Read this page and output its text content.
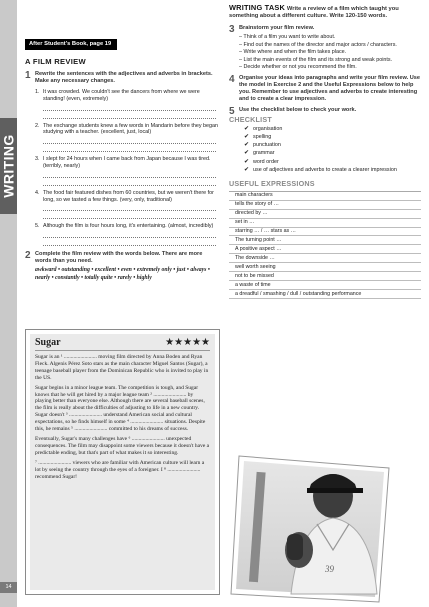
WRITING
14
After Student's Book, page 19
A FILM REVIEW
1 Rewrite the sentences with the adjectives and adverbs in brackets. Make any necessary changes.
1. It was crowded. We couldn't see the dancers from where we were standing! (even, extremely)
2. The exchange students knew a few words in Mandarin before they began studying with a teacher. (excellent, just, local)
3. I slept for 24 hours when I came back from Japan because I was tired. (terribly, nearly)
4. The food fair featured dishes from 60 countries, but we weren't there for long, so we tasted a few things. (very, only, traditional)
5. Although the film is four hours long, it's entertaining. (almost, incredibly)
2 Complete the film review with the words below. There are more words than you need.
awkward • outstanding • excellent • even • extremely only • just • always • nearly • constantly • totally quite • rarely • highly
Sugar	★★★★★
Sugar is an ¹ ........................ moving film directed by Anna Boden and Ryan Fleck. Algenis Pérez Soto stars as the main character Miguel Santos (Sugar), a teenage baseball player from the Dominican Republic who is invited to play in the US.
Sugar begins in a minor league team. The competition is tough, and Sugar knows that he will get hired by a major league team ² ........................ by playing better than everyone else. Although there are several baseball scenes, the film is really about the difficulties of adjusting to life in a new country. Sugar doesn't ³ ........................ understand American social and cultural expectations, so he finds himself in some ⁴ ........................ situations. Despite this, he remains ⁵ ........................ committed to his dreams of success.
Eventually, Sugar's many challenges have ⁶ ........................ unexpected consequences. The film may disappoint some viewers because it doesn't have a predictable ending, but that's part of what makes it so interesting.
⁷ ........................ viewers who are familiar with American culture will learn a lot by seeing the country through the eyes of a foreigner. I ⁸ ........................ recommend Sugar!
WRITING TASK Write a review of a film which taught you something about a different culture. Write 120-150 words.
3 Brainstorm your film review.
– Think of a film you want to write about.
– Find out the names of the director and major actors / characters.
– Write where and when the film takes place.
– List the main events of the film and its strong and weak points.
– Decide whether or not you recommend the film.
4 Organise your ideas into paragraphs and write your film review. Use the model in Exercise 2 and the Useful Expressions below to help you. Remember to use adjectives and adverbs to create interesting and to create a clear impression.
5 Use the checklist below to check your work.
CHECKLIST
✔ organisation
✔ spelling
✔ punctuation
✔ grammar
✔ word order
✔ use of adjectives and adverbs to create a clearer impression
USEFUL EXPRESSIONS
main characters
tells the story of …
directed by …
set in …
starring … / … stars as …
The turning point …
A positive aspect …
The downside …
well worth seeing
not to be missed
a waste of time
a dreadful / smashing / dull / outstanding performance
39
